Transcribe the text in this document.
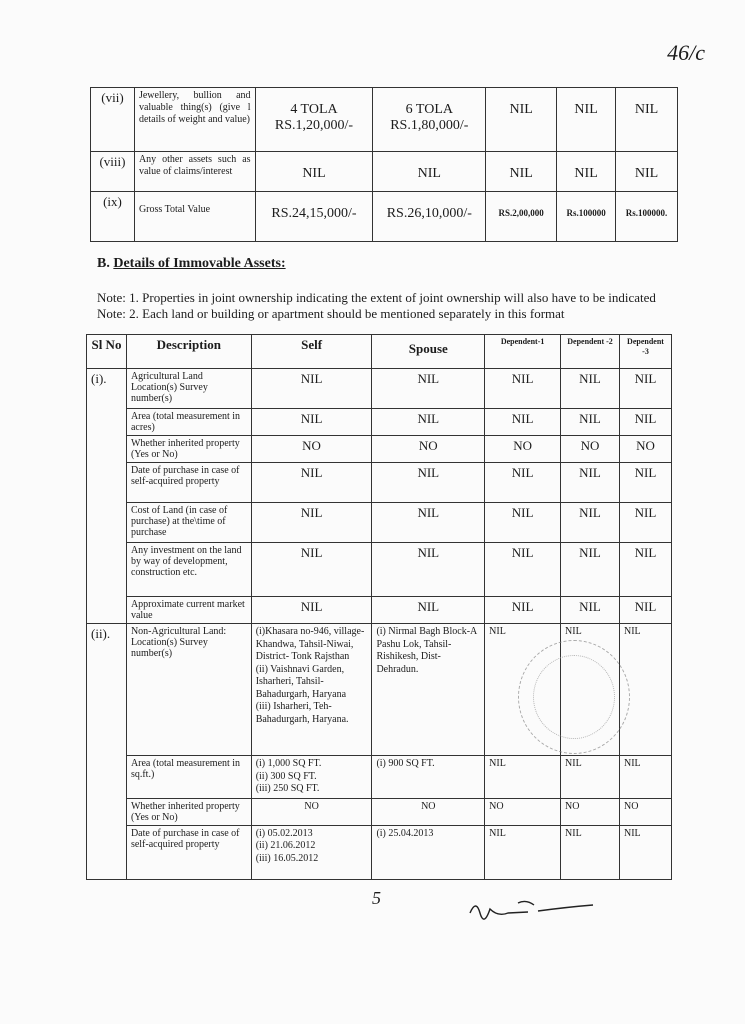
46/c
(vii)	Jewellery, bullion and valuable thing(s) (give l details of weight and value)	4 TOLA RS.1,20,000/-	6 TOLA RS.1,80,000/-	NIL	NIL	NIL
(viii)	Any other assets such as value of claims/interest	NIL	NIL	NIL	NIL	NIL
(ix)	Gross Total Value	RS.24,15,000/-	RS.26,10,000/-	RS.2,00,000	Rs.100000	Rs.100000.
B. Details of Immovable Assets:
Note: 1. Properties in joint ownership indicating the extent of joint ownership will also have to be indicated
Note: 2. Each land or building or apartment should be mentioned separately in this format
Sl No	Description	Self	Spouse	Dependent-1	Dependent -2	Dependent -3
(i).	Agricultural Land Location(s) Survey number(s)	NIL	NIL	NIL	NIL	NIL
	Area (total measurement in acres)	NIL	NIL	NIL	NIL	NIL
	Whether inherited property (Yes or No)	NO	NO	NO	NO	NO
	Date of purchase in case of self-acquired property	NIL	NIL	NIL	NIL	NIL
	Cost of Land (in case of purchase) at the\time of purchase	NIL	NIL	NIL	NIL	NIL
	Any investment on the land by way of development, construction etc.	NIL	NIL	NIL	NIL	NIL
	Approximate current market value	NIL	NIL	NIL	NIL	NIL
(ii).	Non-Agricultural Land: Location(s) Survey number(s)	(i)Khasara no-946, village-Khandwa, Tahsil-Niwai, District- Tonk Rajsthan
(ii) Vaishnavi Garden, Isharheri, Tahsil- Bahadurgarh, Haryana
(iii) Isharheri, Teh- Bahadurgarh, Haryana.	(i) Nirmal Bagh Block-A Pashu Lok, Tahsil-Rishikesh, Dist-Dehradun.	NIL	NIL	NIL
	Area (total measurement in sq.ft.)	(i) 1,000 SQ FT.
(ii) 300 SQ FT.
(iii) 250 SQ FT.	(i) 900 SQ FT.	NIL	NIL	NIL
	Whether inherited property (Yes or No)	NO	NO	NO	NO	NO
	Date of purchase in case of self-acquired property	(i) 05.02.2013
(ii) 21.06.2012
(iii) 16.05.2012	(i) 25.04.2013	NIL	NIL	NIL
5
